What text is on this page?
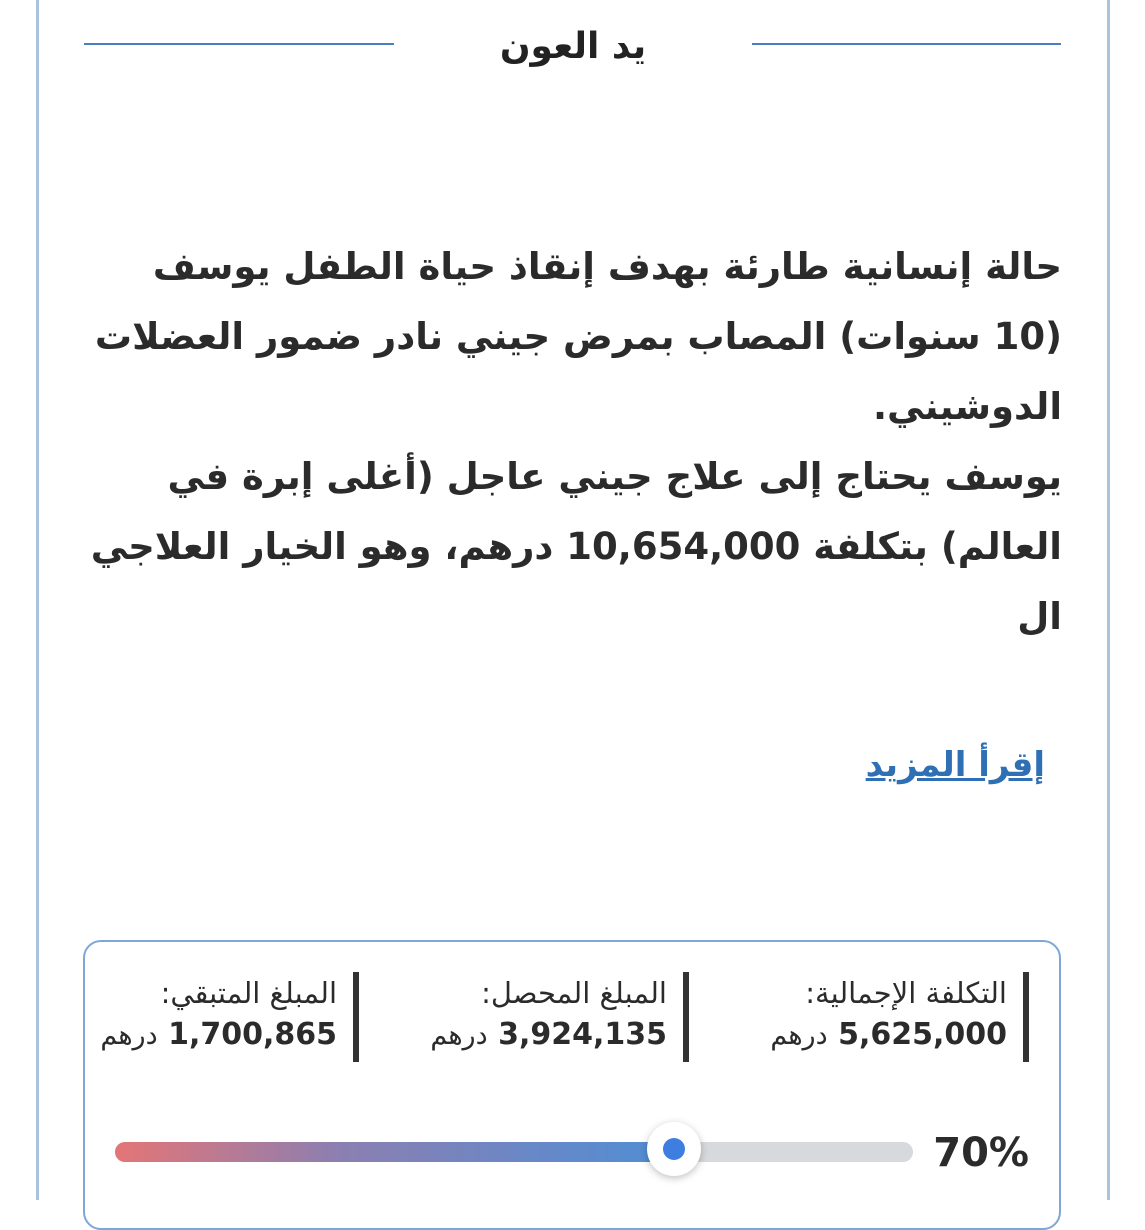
يد العون

حالة إنسانية طارئة بهدف إنقاذ حياة الطفل يوسف (10 سنوات) المصاب بمرض جيني نادر ضمور العضلات الدوشيني.

يوسف يحتاج إلى علاج جيني عاجل (أغلى إبرة في العالم) بتكلفة 10,654,000 درهم، وهو الخيار العلاجي ال

إقرأ المزيد
التكلفة الإجمالية:
5,625,000 درهم
المبلغ المحصل:
3,924,135 درهم
المبلغ المتبقي:
1,700,865 درهم
70%
